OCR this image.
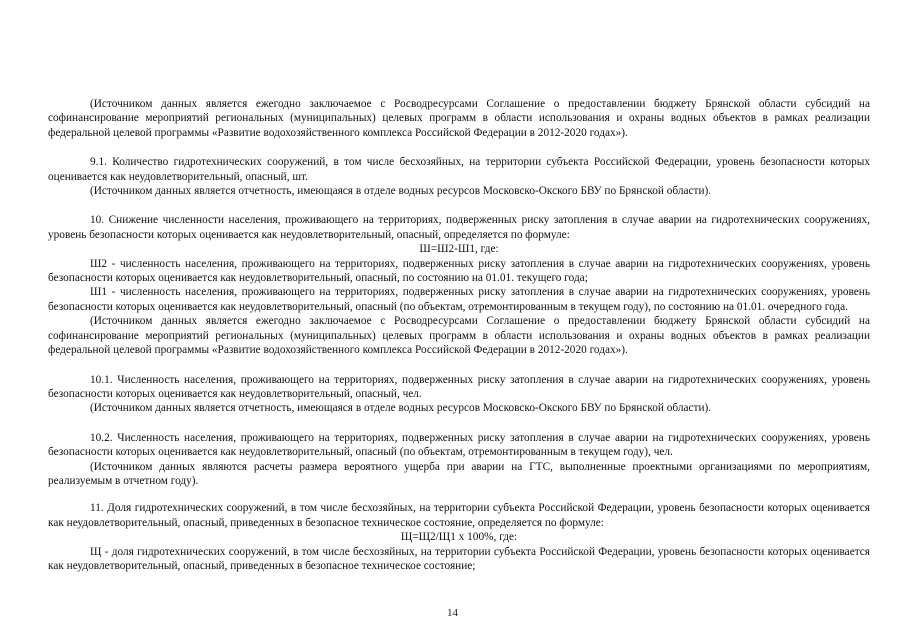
(Источником данных является ежегодно заключаемое с Росводресурсами Соглашение о предоставлении бюджету Брянской области субсидий на софинансирование мероприятий региональных (муниципальных) целевых программ в области использования и охраны водных объектов в рамках реализации федеральной целевой программы «Развитие водохозяйственного комплекса Российской Федерации в 2012-2020 годах»).

9.1. Количество гидротехнических сооружений, в том числе бесхозяйных, на территории субъекта Российской Федерации, уровень безопасности которых оценивается как неудовлетворительный, опасный, шт.

(Источником данных является отчетность, имеющаяся в отделе водных ресурсов Московско-Окского БВУ по Брянской области).

10. Снижение численности населения, проживающего на территориях, подверженных риску затопления в случае аварии на гидротехнических сооружениях, уровень безопасности которых оценивается как неудовлетворительный, опасный, определяется по формуле:

Ш=Ш2-Ш1, где:

Ш2 - численность населения, проживающего на территориях, подверженных риску затопления в случае аварии на гидротехнических сооружениях, уровень безопасности которых оценивается как неудовлетворительный, опасный, по состоянию на 01.01. текущего года;

Ш1 - численность населения, проживающего на территориях, подверженных риску затопления в случае аварии на гидротехнических сооружениях, уровень безопасности которых оценивается как неудовлетворительный, опасный (по объектам, отремонтированным в текущем году), по состоянию на 01.01. очередного года.

(Источником данных является ежегодно заключаемое с Росводресурсами Соглашение о предоставлении бюджету Брянской области субсидий на софинансирование мероприятий региональных (муниципальных) целевых программ в области использования и охраны водных объектов в рамках реализации федеральной целевой программы «Развитие водохозяйственного комплекса Российской Федерации в 2012-2020 годах»).

10.1. Численность населения, проживающего на территориях, подверженных риску затопления в случае аварии на гидротехнических сооружениях, уровень безопасности которых оценивается как неудовлетворительный, опасный, чел.

(Источником данных является отчетность, имеющаяся в отделе водных ресурсов Московско-Окского БВУ по Брянской области).

10.2. Численность населения, проживающего на территориях, подверженных риску затопления в случае аварии на гидротехнических сооружениях, уровень безопасности которых оценивается как неудовлетворительный, опасный (по объектам, отремонтированным в текущем году), чел.

(Источником данных являются расчеты размера вероятного ущерба при аварии на ГТС, выполненные проектными организациями по мероприятиям, реализуемым в отчетном году).

11. Доля гидротехнических сооружений, в том числе бесхозяйных, на территории субъекта Российской Федерации, уровень безопасности которых оценивается как неудовлетворительный, опасный, приведенных в безопасное техническое состояние, определяется по формуле:

Щ=Щ2/Щ1 х 100%, где:

Щ - доля гидротехнических сооружений, в том числе бесхозяйных, на территории субъекта Российской Федерации, уровень безопасности которых оценивается как неудовлетворительный, опасный, приведенных в безопасное техническое состояние;

14
